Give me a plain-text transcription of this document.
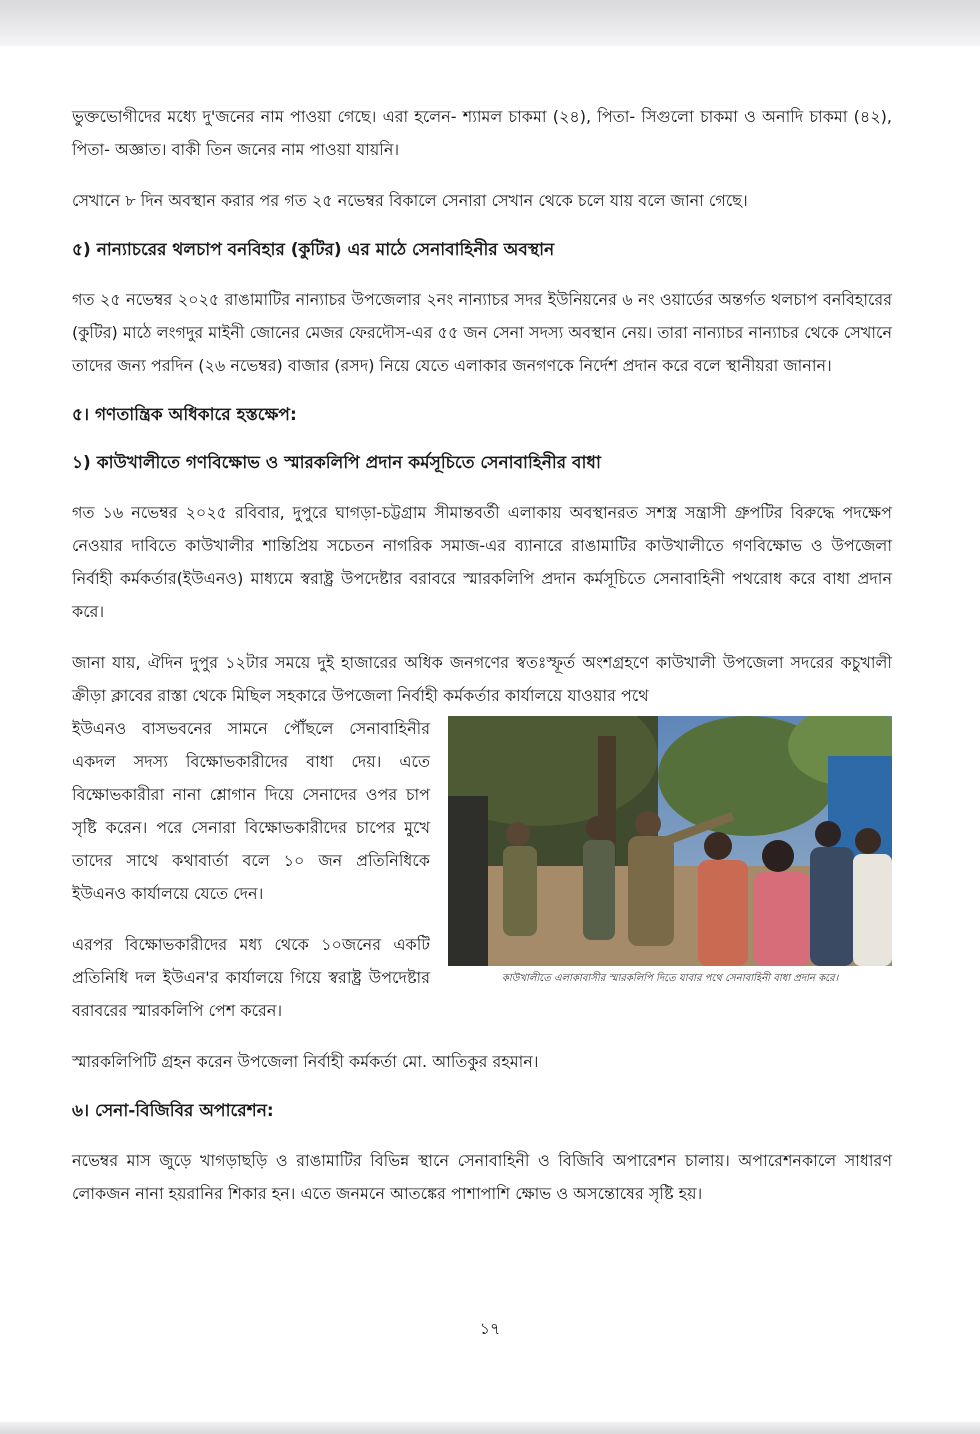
ভুক্তভোগীদের মধ্যে দু'জনের নাম পাওয়া গেছে। এরা হলেন- শ্যামল চাকমা (২৪), পিতা- সিগুলো চাকমা ও অনাদি চাকমা (৪২), পিতা- অজ্ঞাত। বাকী তিন জনের নাম পাওয়া যায়নি।

সেখানে ৮ দিন অবস্থান করার পর গত ২৫ নভেম্বর বিকালে সেনারা সেখান থেকে চলে যায় বলে জানা গেছে।

৫) নান্যাচরের থলচাপ বনবিহার (কুটির) এর মাঠে সেনাবাহিনীর অবস্থান

গত ২৫ নভেম্বর ২০২৫ রাঙামাটির নান্যাচর উপজেলার ২নং নান্যাচর সদর ইউনিয়নের ৬ নং ওয়ার্ডের অন্তর্গত থলচাপ বনবিহারের (কুটির) মাঠে লংগদুর মাইনী জোনের মেজর ফেরদৌস-এর ৫৫ জন সেনা সদস্য অবস্থান নেয়। তারা নান্যাচর নান্যাচর থেকে সেখানে তাদের জন্য পরদিন (২৬ নভেম্বর) বাজার (রসদ) নিয়ে যেতে এলাকার জনগণকে নির্দেশ প্রদান করে বলে স্থানীয়রা জানান।

৫। গণতান্ত্রিক অধিকারে হস্তক্ষেপ:
১) কাউখালীতে গণবিক্ষোভ ও স্মারকলিপি প্রদান কর্মসূচিতে সেনাবাহিনীর বাধা

গত ১৬ নভেম্বর ২০২৫ রবিবার, দুপুরে ঘাগড়া-চট্টগ্রাম সীমান্তবর্তী এলাকায় অবস্থানরত সশস্ত্র সন্ত্রাসী গ্রুপটির বিরুদ্ধে পদক্ষেপ নেওয়ার দাবিতে কাউখালীর শান্তিপ্রিয় সচেতন নাগরিক সমাজ-এর ব্যানারে রাঙামাটির কাউখালীতে গণবিক্ষোভ ও উপজেলা নির্বাহী কর্মকর্তার(ইউএনও) মাধ্যমে স্বরাষ্ট্র উপদেষ্টার বরাবরে স্মারকলিপি প্রদান কর্মসূচিতে সেনাবাহিনী পথরোধ করে বাধা প্রদান করে।

জানা যায়, ঐদিন দুপুর ১২টার সময়ে দুই হাজারের অধিক জনগণের স্বতঃস্ফূর্ত অংশগ্রহণে কাউখালী উপজেলা সদরের কচুখালী ক্রীড়া ক্লাবের রাস্তা থেকে মিছিল সহকারে উপজেলা নির্বাহী কর্মকর্তার কার্যালয়ে যাওয়ার পথে

কাউখালীতে এলাকাবাসীর স্মারকলিপি দিতে যাবার পথে সেনাবাহিনী বাধা প্রদান করে।

ইউএনও বাসভবনের সামনে পৌঁছলে সেনাবাহিনীর একদল সদস্য বিক্ষোভকারীদের বাধা দেয়। এতে বিক্ষোভকারীরা নানা শ্লোগান দিয়ে সেনাদের ওপর চাপ সৃষ্টি করেন। পরে সেনারা বিক্ষোভকারীদের চাপের মুখে তাদের সাথে কথাবার্তা বলে ১০ জন প্রতিনিধিকে ইউএনও কার্যালয়ে যেতে দেন।

এরপর বিক্ষোভকারীদের মধ্য থেকে ১০জনের একটি প্রতিনিধি দল ইউএন'র কার্যালয়ে গিয়ে স্বরাষ্ট্র উপদেষ্টার বরাবরের স্মারকলিপি পেশ করেন।

স্মারকলিপিটি গ্রহন করেন উপজেলা নির্বাহী কর্মকর্তা মো. আতিকুর রহমান।

৬। সেনা-বিজিবির অপারেশন:

নভেম্বর মাস জুড়ে খাগড়াছড়ি ও রাঙামাটির বিভিন্ন স্থানে সেনাবাহিনী ও বিজিবি অপারেশন চালায়। অপারেশনকালে সাধারণ লোকজন নানা হয়রানির শিকার হন। এতে জনমনে আতঙ্কের পাশাপাশি ক্ষোভ ও অসন্তোষের সৃষ্টি হয়।

১৭
